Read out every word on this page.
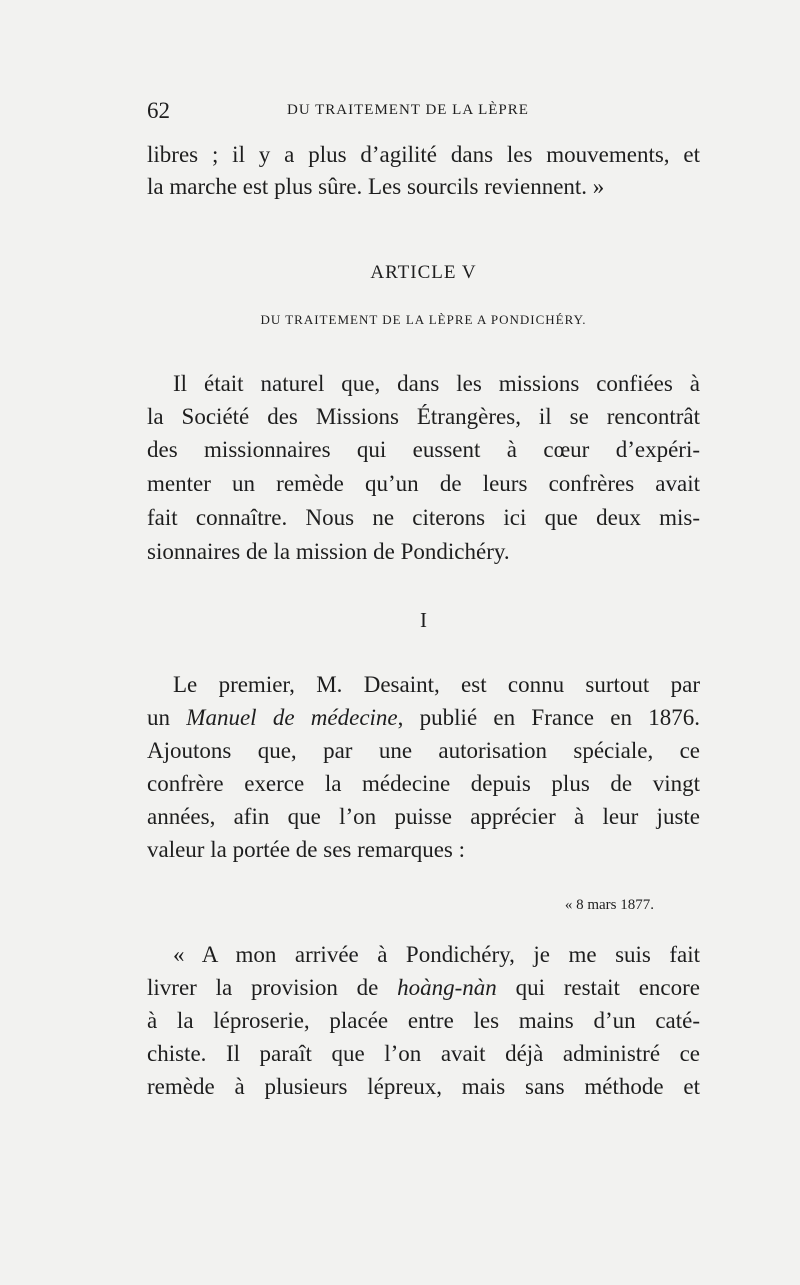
62	DU TRAITEMENT DE LA LÈPRE
libres ; il y a plus d’agilité dans les mouvements, et
la marche est plus sûre. Les sourcils reviennent. »
ARTICLE V
DU TRAITEMENT DE LA LÈPRE A PONDICHÉRY.
Il était naturel que, dans les missions confiées à
la Société des Missions Étrangères, il se rencontrât
des missionnaires qui eussent à cœur d’expéri-
menter un remède qu’un de leurs confrères avait
fait connaître. Nous ne citerons ici que deux mis-
sionnaires de la mission de Pondichéry.
I
Le premier, M. Desaint, est connu surtout par
un Manuel de médecine, publié en France en 1876.
Ajoutons que, par une autorisation spéciale, ce
confrère exerce la médecine depuis plus de vingt
années, afin que l’on puisse apprécier à leur juste
valeur la portée de ses remarques :
« 8 mars 1877.
« A mon arrivée à Pondichéry, je me suis fait
livrer la provision de hoàng-nàn qui restait encore
à la léproserie, placée entre les mains d’un caté-
chiste. Il paraît que l’on avait déjà administré ce
remède à plusieurs lépreux, mais sans méthode et
